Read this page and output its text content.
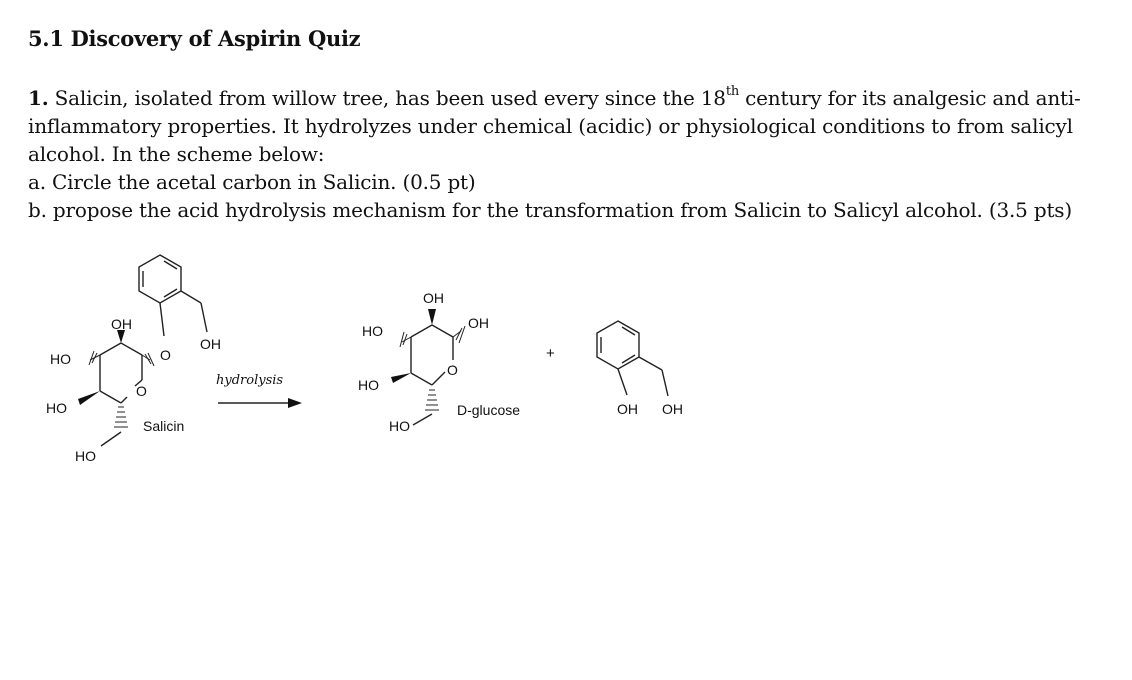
5.1 Discovery of Aspirin Quiz
1. Salicin, isolated from willow tree, has been used every since the 18th century for its analgesic and anti-
inflammatory properties. It hydrolyzes under chemical (acidic) or physiological conditions to from salicyl
alcohol. In the scheme below:
a. Circle the acetal carbon in Salicin. (0.5 pt)
b. propose the acid hydrolysis mechanism for the transformation from Salicin to Salicyl alcohol. (3.5 pts)
OH
HO
HO
HO
OH
O
O
Salicin
hydrolysis
OH
HO	OH
HO
HO
O
D-glucose
+
OH OH
